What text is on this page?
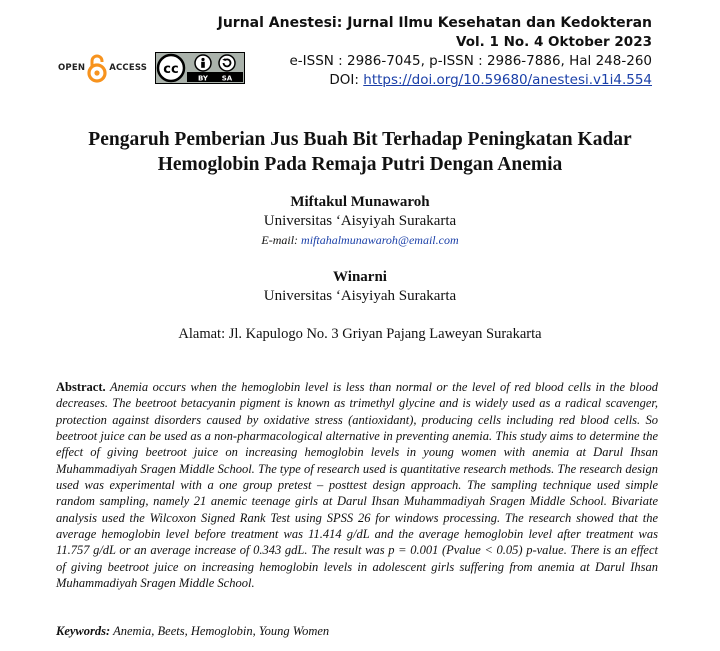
Jurnal Anestesi: Jurnal Ilmu Kesehatan dan Kedokteran
Vol. 1 No. 4 Oktober 2023
e-ISSN : 2986-7045, p-ISSN : 2986-7886, Hal 248-260
DOI: https://doi.org/10.59680/anestesi.v1i4.554
OPEN	ACCESS cc
BY SA
Pengaruh Pemberian Jus Buah Bit Terhadap Peningkatan Kadar
Hemoglobin Pada Remaja Putri Dengan Anemia
Miftakul Munawaroh
Universitas ‘Aisyiyah Surakarta
E-mail: miftahalmunawaroh@email.com
Winarni
Universitas ‘Aisyiyah Surakarta
Alamat: Jl. Kapulogo No. 3 Griyan Pajang Laweyan Surakarta

Abstract. Anemia occurs when the hemoglobin level is less than normal or the level of red blood cells in the blood decreases. The beetroot betacyanin pigment is known as trimethyl glycine and is widely used as a radical scavenger, protection against disorders caused by oxidative stress (antioxidant), producing cells including red blood cells. So beetroot juice can be used as a non-pharmacological alternative in preventing anemia. This study aims to determine the effect of giving beetroot juice on increasing hemoglobin levels in young women with anemia at Darul Ihsan Muhammadiyah Sragen Middle School. The type of research used is quantitative research methods. The research design used was experimental with a one group pretest – posttest design approach. The sampling technique used simple random sampling, namely 21 anemic teenage girls at Darul Ihsan Muhammadiyah Sragen Middle School. Bivariate analysis used the Wilcoxon Signed Rank Test using SPSS 26 for windows processing. The research showed that the average hemoglobin level before treatment was 11.414 g/dL and the average hemoglobin level after treatment was 11.757 g/dL or an average increase of 0.343 gdL. The result was p = 0.001 (Pvalue < 0.05) p-value. There is an effect of giving beetroot juice on increasing hemoglobin levels in adolescent girls suffering from anemia at Darul Ihsan Muhammadiyah Sragen Middle School.

Keywords: Anemia, Beets, Hemoglobin, Young Women
